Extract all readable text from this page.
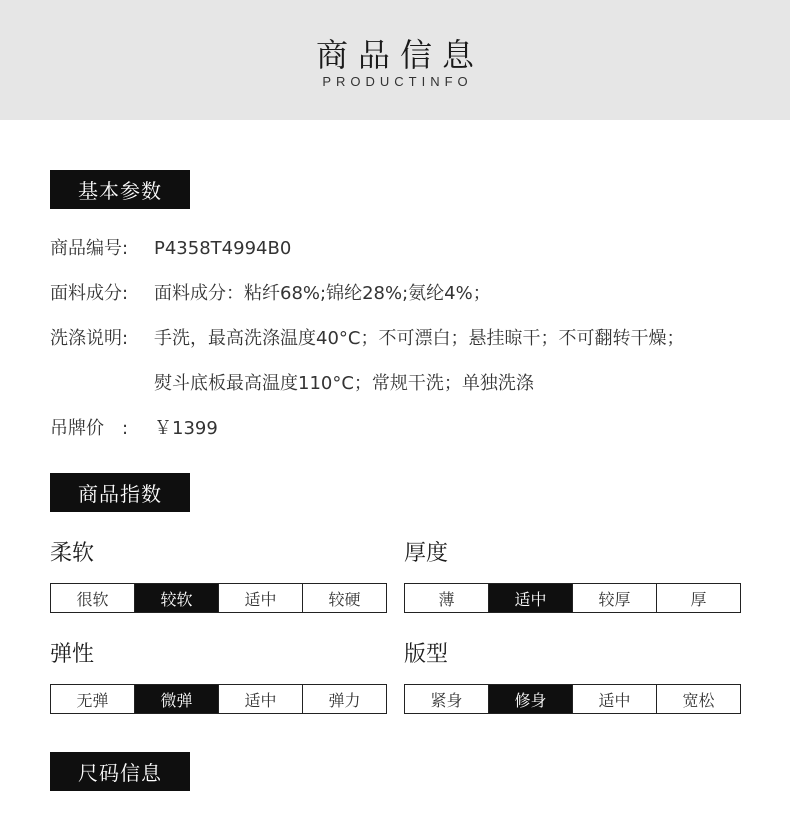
商品信息
PRODUCTINFO
基本参数
商品编号: P4358T4994B0
面料成分: 面料成分：粘纤68%;锦纶28%;氨纶4%；
洗涤说明: 手洗，最高洗涤温度40°C；不可漂白；悬挂晾干；不可翻转干燥；
熨斗底板最高温度110°C；常规干洗；单独洗涤
吊牌价　: ￥1399
商品指数
柔软
很软	较软	适中	较硬
厚度
薄	适中	较厚	厚
弹性
无弹	微弹	适中	弹力
版型
紧身	修身	适中	宽松
尺码信息
